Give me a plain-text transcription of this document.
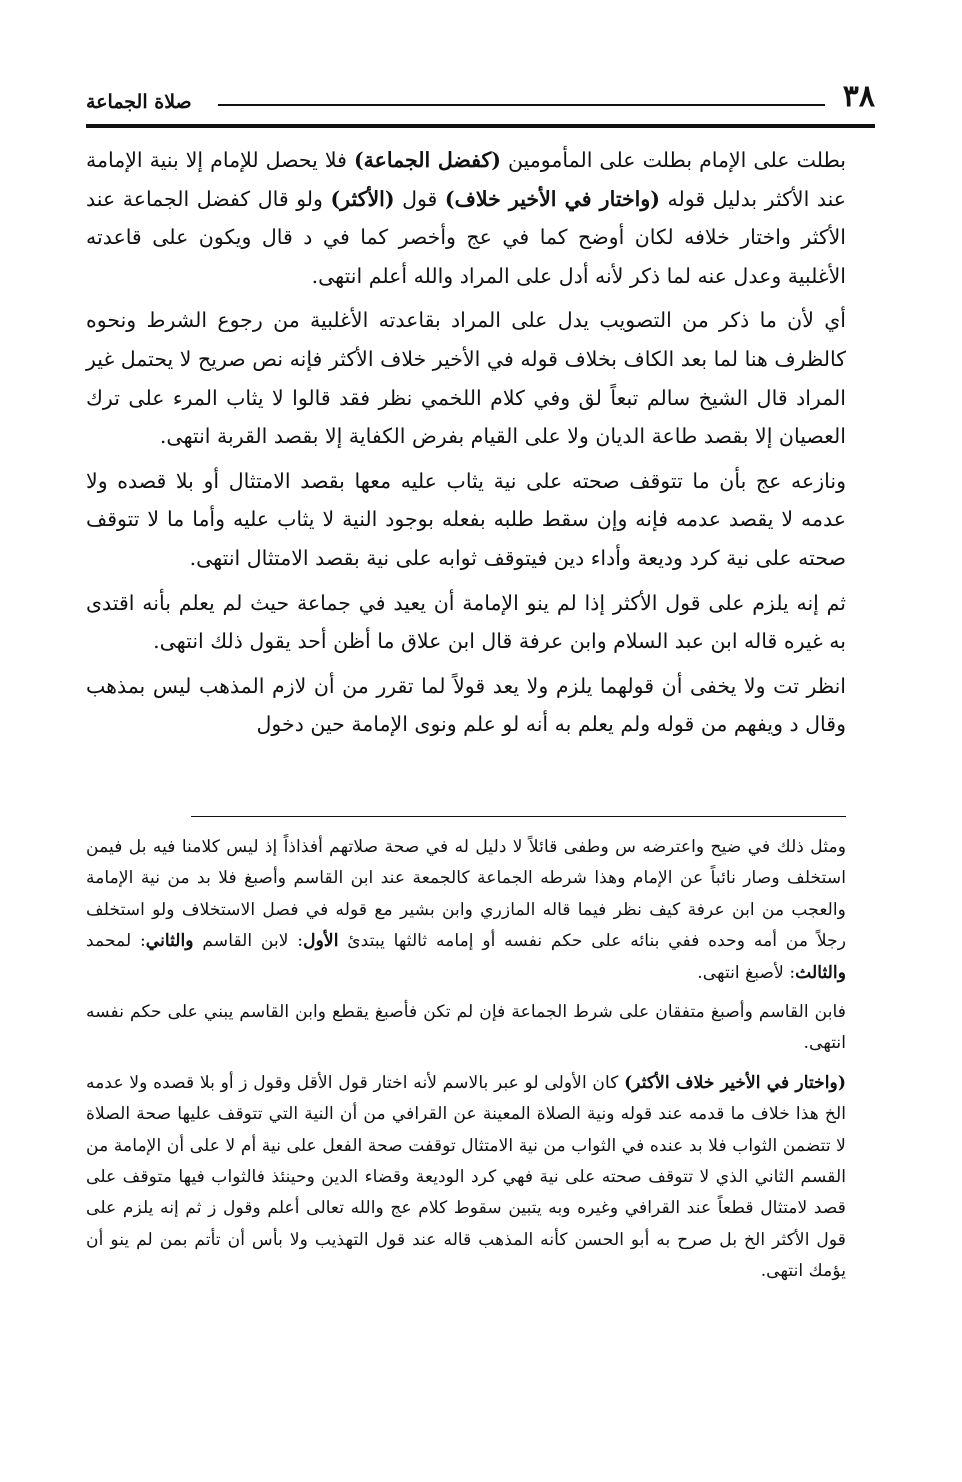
٣٨
صلاة الجماعة

بطلت على الإمام بطلت على المأمومين (كفضل الجماعة) فلا يحصل للإمام إلا بنية الإمامة عند الأكثر بدليل قوله (واختار في الأخير خلاف) قول (الأكثر) ولو قال كفضل الجماعة عند الأكثر واختار خلافه لكان أوضح كما في عج وأخصر كما في د قال ويكون على قاعدته الأغلبية وعدل عنه لما ذكر لأنه أدل على المراد والله أعلم انتهى.

أي لأن ما ذكر من التصويب يدل على المراد بقاعدته الأغلبية من رجوع الشرط ونحوه كالظرف هنا لما بعد الكاف بخلاف قوله في الأخير خلاف الأكثر فإنه نص صريح لا يحتمل غير المراد قال الشيخ سالم تبعاً لق وفي كلام اللخمي نظر فقد قالوا لا يثاب المرء على ترك العصيان إلا بقصد طاعة الديان ولا على القيام بفرض الكفاية إلا بقصد القربة انتهى.

ونازعه عج بأن ما تتوقف صحته على نية يثاب عليه معها بقصد الامتثال أو بلا قصده ولا عدمه لا يقصد عدمه فإنه وإن سقط طلبه بفعله بوجود النية لا يثاب عليه وأما ما لا تتوقف صحته على نية كرد وديعة وأداء دين فيتوقف ثوابه على نية بقصد الامتثال انتهى.

ثم إنه يلزم على قول الأكثر إذا لم ينو الإمامة أن يعيد في جماعة حيث لم يعلم بأنه اقتدى به غيره قاله ابن عبد السلام وابن عرفة قال ابن علاق ما أظن أحد يقول ذلك انتهى.

انظر تت ولا يخفى أن قولهما يلزم ولا يعد قولاً لما تقرر من أن لازم المذهب ليس بمذهب وقال د ويفهم من قوله ولم يعلم به أنه لو علم ونوى الإمامة حين دخول

ومثل ذلك في ضيح واعترضه س وطفى قائلاً لا دليل له في صحة صلاتهم أفذاذاً إذ ليس كلامنا فيه بل فيمن استخلف وصار نائباً عن الإمام وهذا شرطه الجماعة كالجمعة عند ابن القاسم وأصبغ فلا بد من نية الإمامة والعجب من ابن عرفة كيف نظر فيما قاله المازري وابن بشير مع قوله في فصل الاستخلاف ولو استخلف رجلاً من أمه وحده ففي بنائه على حكم نفسه أو إمامه ثالثها يبتدئ الأول: لابن القاسم والثاني: لمحمد والثالث: لأصبغ انتهى.

فابن القاسم وأصبغ متفقان على شرط الجماعة فإن لم تكن فأصبغ يقطع وابن القاسم يبني على حكم نفسه انتهى.

(واختار في الأخير خلاف الأكثر) كان الأولى لو عبر بالاسم لأنه اختار قول الأقل وقول ز أو بلا قصده ولا عدمه الخ هذا خلاف ما قدمه عند قوله ونية الصلاة المعينة عن القرافي من أن النية التي تتوقف عليها صحة الصلاة لا تتضمن الثواب فلا بد عنده في الثواب من نية الامتثال توقفت صحة الفعل على نية أم لا على أن الإمامة من القسم الثاني الذي لا تتوقف صحته على نية فهي كرد الوديعة وقضاء الدين وحينئذ فالثواب فيها متوقف على قصد لامتثال قطعاً عند القرافي وغيره وبه يتبين سقوط كلام عج والله تعالى أعلم وقول ز ثم إنه يلزم على قول الأكثر الخ بل صرح به أبو الحسن كأنه المذهب قاله عند قول التهذيب ولا بأس أن تأتم بمن لم ينو أن يؤمك انتهى.
